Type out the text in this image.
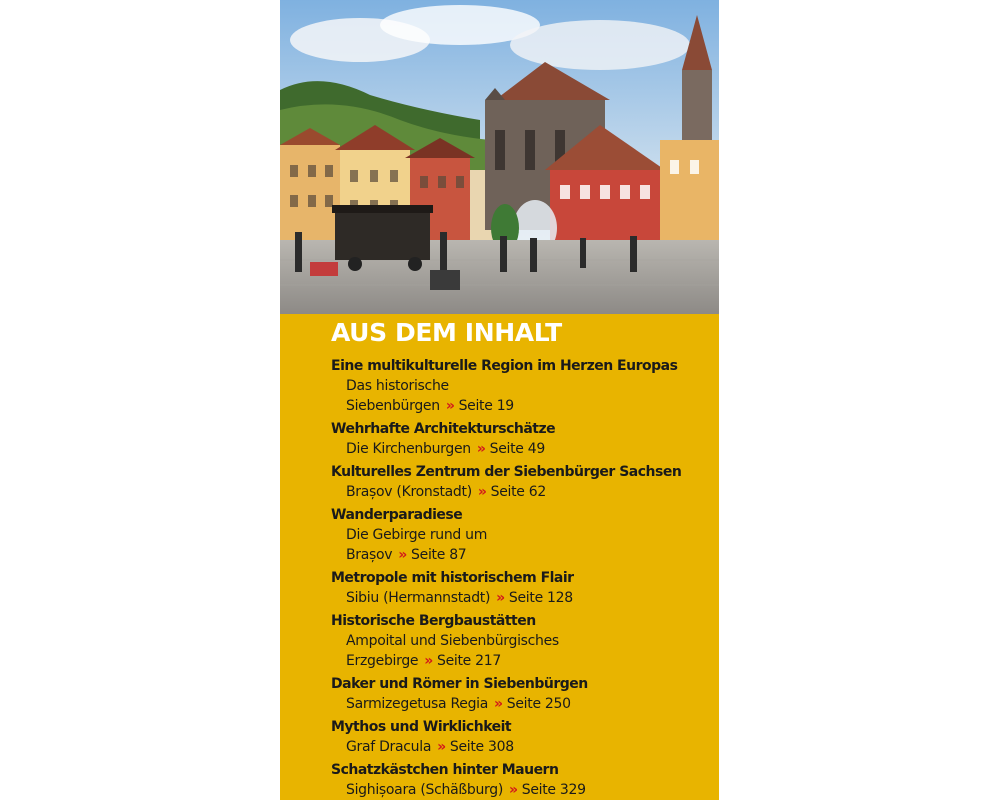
AUS DEM INHALT
Eine multikulturelle Region im Herzen Europas
Das historische Siebenbürgen » Seite 19
Wehrhafte Architekturschätze
Die Kirchenburgen » Seite 49
Kulturelles Zentrum der Siebenbürger Sachsen
Brașov (Kronstadt) » Seite 62
Wanderparadiese
Die Gebirge rund um Brașov » Seite 87
Metropole mit historischem Flair
Sibiu (Hermannstadt) » Seite 128
Historische Bergbaustätten
Ampoital und Siebenbürgisches Erzgebirge » Seite 217
Daker und Römer in Siebenbürgen
Sarmizegetusa Regia » Seite 250
Mythos und Wirklichkeit
Graf Dracula » Seite 308
Schatzkästchen hinter Mauern
Sighișoara (Schäßburg) » Seite 329
